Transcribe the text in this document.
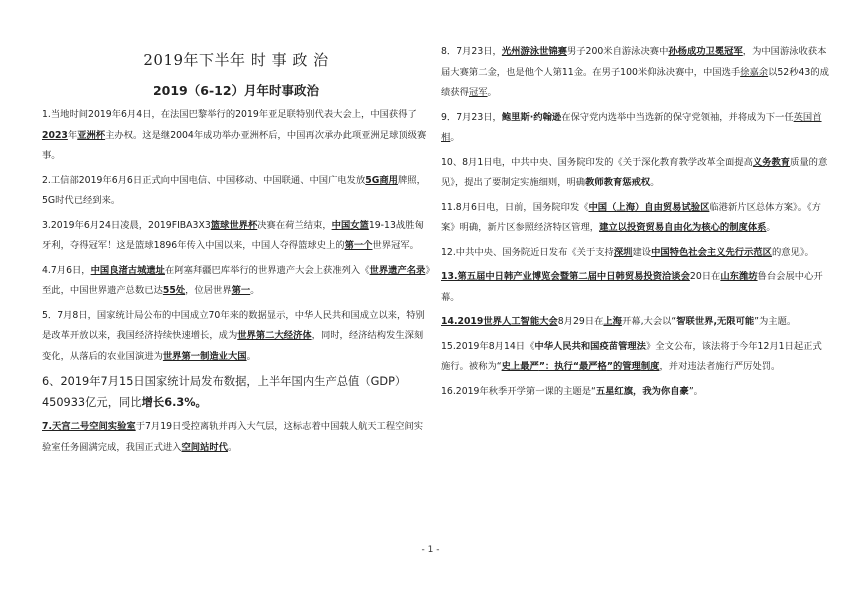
2019年下半年 时 事 政 治
2019（6-12）月年时事政治

1.当地时间2019年6月4日，在法国巴黎举行的2019年亚足联特别代表大会上，中国获得了2023年亚洲杯主办权。这是继2004年成功举办亚洲杯后，中国再次承办此项亚洲足球顶级赛事。

2.工信部2019年6月6日正式向中国电信、中国移动、中国联通、中国广电发放5G商用牌照，5G时代已经到来。

3.2019年6月24日凌晨，2019FIBA3X3篮球世界杯决赛在荷兰结束，中国女篮19-13战胜匈牙利，夺得冠军！这是篮球1896年传入中国以来，中国人夺得篮球史上的第一个世界冠军。

4.7月6日，中国良渚古城遗址在阿塞拜疆巴库举行的世界遗产大会上获准列入《世界遗产名录》至此，中国世界遗产总数已达55处，位居世界第一。

5．7月8日，国家统计局公布的中国成立70年来的数据显示，中华人民共和国成立以来，特别是改革开放以来，我国经济持续快速增长，成为世界第二大经济体，同时，经济结构发生深刻变化，从落后的农业国演进为世界第一制造业大国。

6、2019年7月15日国家统计局发布数据，上半年国内生产总值（GDP）450933亿元，同比增长6.3%。

7.天宫二号空间实验室于7月19日受控离轨并再入大气层，这标志着中国载人航天工程空间实验室任务圆满完成，我国正式进入空间站时代。

8．7月23日，光州游泳世锦赛男子200米自游泳决赛中孙杨成功卫冕冠军，为中国游泳收获本届大赛第二金，也是他个人第11金。在男子100米仰泳决赛中，中国选手徐嘉余以52秒43的成绩获得冠军。

9．7月23日，鲍里斯·约翰逊在保守党内选举中当选新的保守党领袖，并将成为下一任英国首相。

10、8月1日电，中共中央、国务院印发的《关于深化教育教学改革全面提高义务教育质量的意见》，提出了要制定实施细则，明确教师教育惩戒权。

11.8月6日电，日前，国务院印发《中国（上海）自由贸易试验区临港新片区总体方案》。《方案》明确，新片区参照经济特区管理，建立以投资贸易自由化为核心的制度体系。

12.中共中央、国务院近日发布《关于支持深圳建设中国特色社会主义先行示范区的意见》。

13.第五届中日韩产业博览会暨第二届中日韩贸易投资洽谈会20日在山东潍坊鲁台会展中心开幕。

14.2019世界人工智能大会8月29日在上海开幕,大会以“智联世界,无限可能”为主题。

15.2019年8月14日《中华人民共和国疫苗管理法》全文公布，该法将于今年12月1日起正式施行。被称为“史上最严”：执行“最严格”的管理制度，并对违法者施行严厉处罚。

16.2019年秋季开学第一课的主题是“五星红旗，我为你自豪”。

- 1 -
